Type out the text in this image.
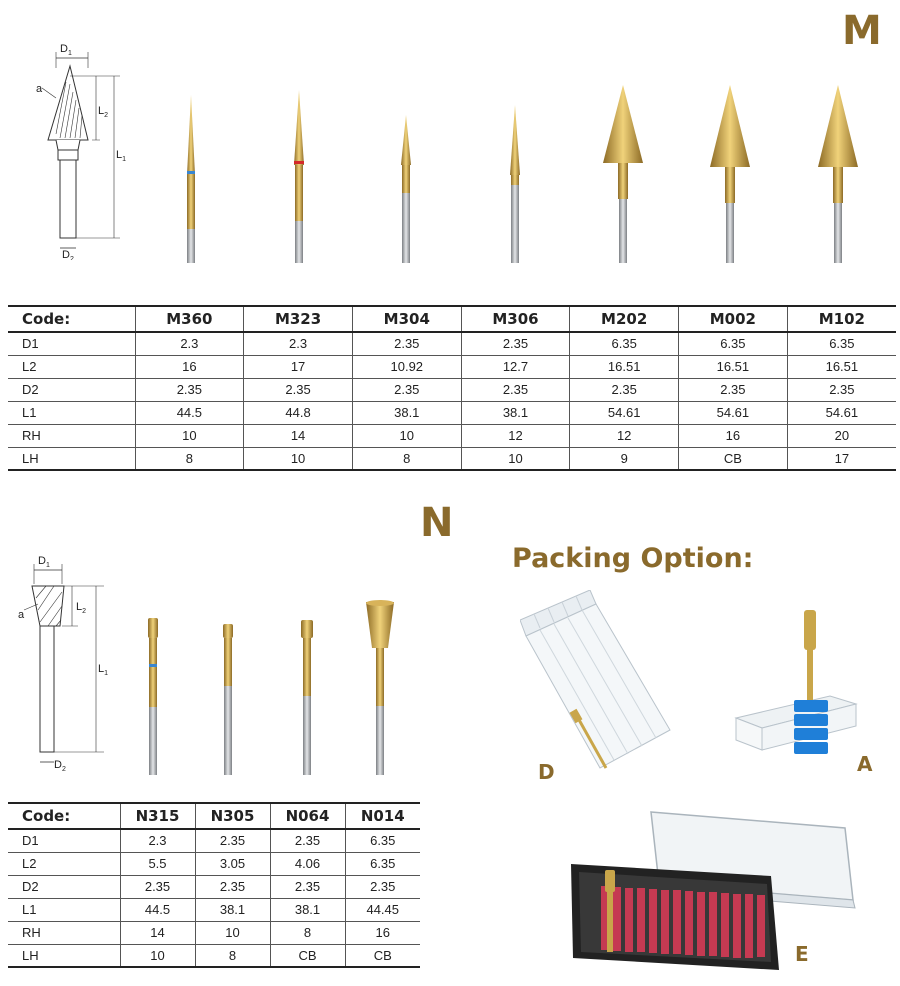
M
$D_1$
$D_2$
a
$L_2$
$L_1$
Code:	M360	M323	M304	M306	M202	M002	M102
D1	2.3	2.3	2.35	2.35	6.35	6.35	6.35
L2	16	17	10.92	12.7	16.51	16.51	16.51
D2	2.35	2.35	2.35	2.35	2.35	2.35	2.35
L1	44.5	44.8	38.1	38.1	54.61	54.61	54.61
RH	10	14	10	12	12	16	20
LH	8	10	8	10	9	CB	17
N
$D_1$
a
$L_2$
$L_1$
$D_2$
Code:	N315	N305	N064	N014
D1	2.3	2.35	2.35	6.35
L2	5.5	3.05	4.06	6.35
D2	2.35	2.35	2.35	2.35
L1	44.5	38.1	38.1	44.45
RH	14	10	8	16
LH	10	8	CB	CB
Packing Option:
D	A
E
